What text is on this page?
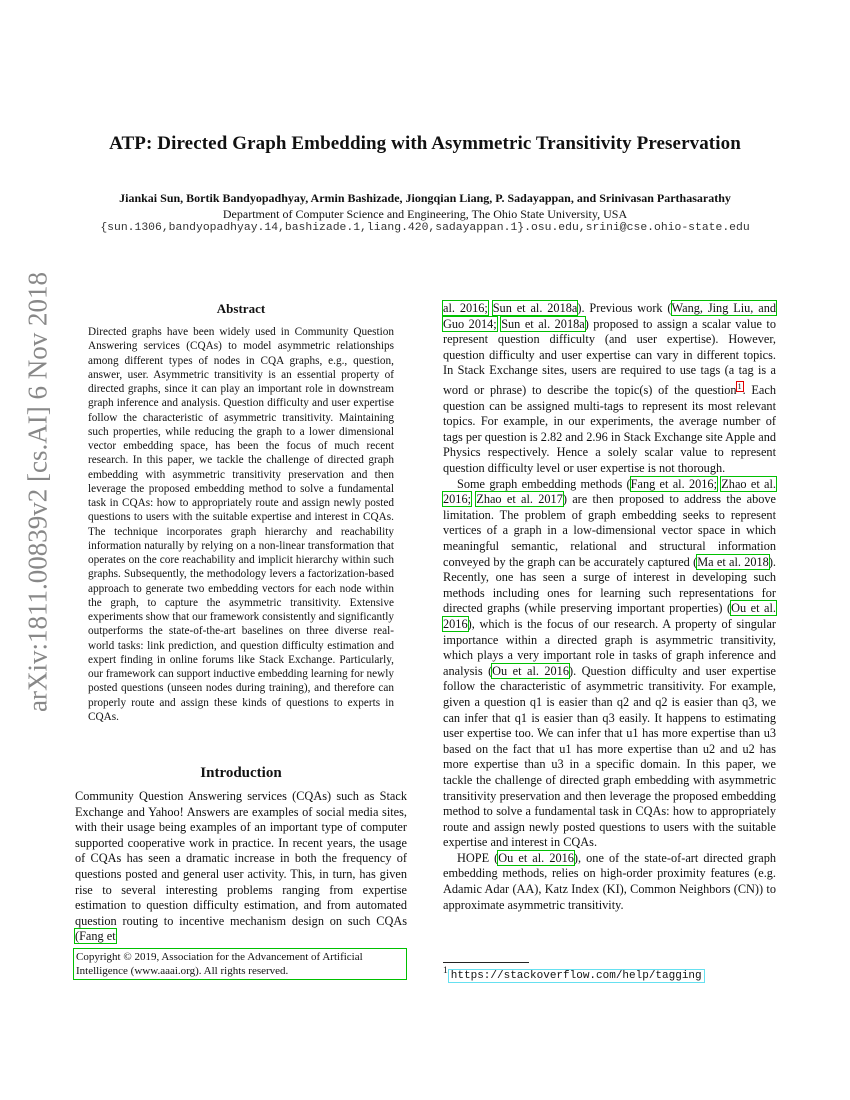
ATP: Directed Graph Embedding with Asymmetric Transitivity Preservation
Jiankai Sun, Bortik Bandyopadhyay, Armin Bashizade, Jiongqian Liang, P. Sadayappan, and Srinivasan Parthasarathy
Department of Computer Science and Engineering, The Ohio State University, USA
{sun.1306,bandyopadhyay.14,bashizade.1,liang.420,sadayappan.1}.osu.edu,srini@cse.ohio-state.edu
arXiv:1811.00839v2 [cs.AI] 6 Nov 2018	Abstract
Directed graphs have been widely used in Community Question Answering services (CQAs) to model asymmetric relationships among different types of nodes in CQA graphs, e.g., question, answer, user. Asymmetric transitivity is an essential property of directed graphs, since it can play an important role in downstream graph inference and analysis. Question difficulty and user expertise follow the characteristic of asymmetric transitivity. Maintaining such properties, while reducing the graph to a lower dimensional vector embedding space, has been the focus of much recent research. In this paper, we tackle the challenge of directed graph embedding with asymmetric transitivity preservation and then leverage the proposed embedding method to solve a fundamental task in CQAs: how to appropriately route and assign newly posted questions to users with the suitable expertise and interest in CQAs. The technique incorporates graph hierarchy and reachability information naturally by relying on a non-linear transformation that operates on the core reachability and implicit hierarchy within such graphs. Subsequently, the methodology levers a factorization-based approach to generate two embedding vectors for each node within the graph, to capture the asymmetric transitivity. Extensive experiments show that our framework consistently and significantly outperforms the state-of-the-art baselines on three diverse real-world tasks: link prediction, and question difficulty estimation and expert finding in online forums like Stack Exchange. Particularly, our framework can support inductive embedding learning for newly posted questions (unseen nodes during training), and therefore can properly route and assign these kinds of questions to experts in CQAs.
Introduction
Community Question Answering services (CQAs) such as Stack Exchange and Yahoo! Answers are examples of social media sites, with their usage being examples of an important type of computer supported cooperative work in practice. In recent years, the usage of CQAs has seen a dramatic increase in both the frequency of questions posted and general user activity. This, in turn, has given rise to several interesting problems ranging from expertise estimation to question difficulty estimation, and from automated question routing to incentive mechanism design on such CQAs (Fang et
Copyright © 2019, Association for the Advancement of Artificial Intelligence (www.aaai.org). All rights reserved.

al. 2016; Sun et al. 2018a). Previous work (Wang, Jing Liu, and Guo 2014; Sun et al. 2018a) proposed to assign a scalar value to represent question difficulty (and user expertise). However, question difficulty and user expertise can vary in different topics. In Stack Exchange sites, users are required to use tags (a tag is a word or phrase) to describe the topic(s) of the question$^1$. Each question can be assigned multi-tags to represent its most relevant topics. For example, in our experiments, the average number of tags per question is 2.82 and 2.96 in Stack Exchange site Apple and Physics respectively. Hence a solely scalar value to represent question difficulty level or user expertise is not thorough.

Some graph embedding methods (Fang et al. 2016; Zhao et al. 2016; Zhao et al. 2017) are then proposed to address the above limitation. The problem of graph embedding seeks to represent vertices of a graph in a low-dimensional vector space in which meaningful semantic, relational and structural information conveyed by the graph can be accurately captured (Ma et al. 2018). Recently, one has seen a surge of interest in developing such methods including ones for learning such representations for directed graphs (while preserving important properties) (Ou et al. 2016), which is the focus of our research. A property of singular importance within a directed graph is asymmetric transitivity, which plays a very important role in tasks of graph inference and analysis (Ou et al. 2016). Question difficulty and user expertise follow the characteristic of asymmetric transitivity. For example, given a question q1 is easier than q2 and q2 is easier than q3, we can infer that q1 is easier than q3 easily. It happens to estimating user expertise too. We can infer that u1 has more expertise than u3 based on the fact that u1 has more expertise than u2 and u2 has more expertise than u3 in a specific domain. In this paper, we tackle the challenge of directed graph embedding with asymmetric transitivity preservation and then leverage the proposed embedding method to solve a fundamental task in CQAs: how to appropriately route and assign newly posted questions to users with the suitable expertise and interest in CQAs.

HOPE (Ou et al. 2016), one of the state-of-art directed graph embedding methods, relies on high-order proximity features (e.g. Adamic Adar (AA), Katz Index (KI), Common Neighbors (CN)) to approximate asymmetric transitivity.

$^1$ https://stackoverflow.com/help/tagging
